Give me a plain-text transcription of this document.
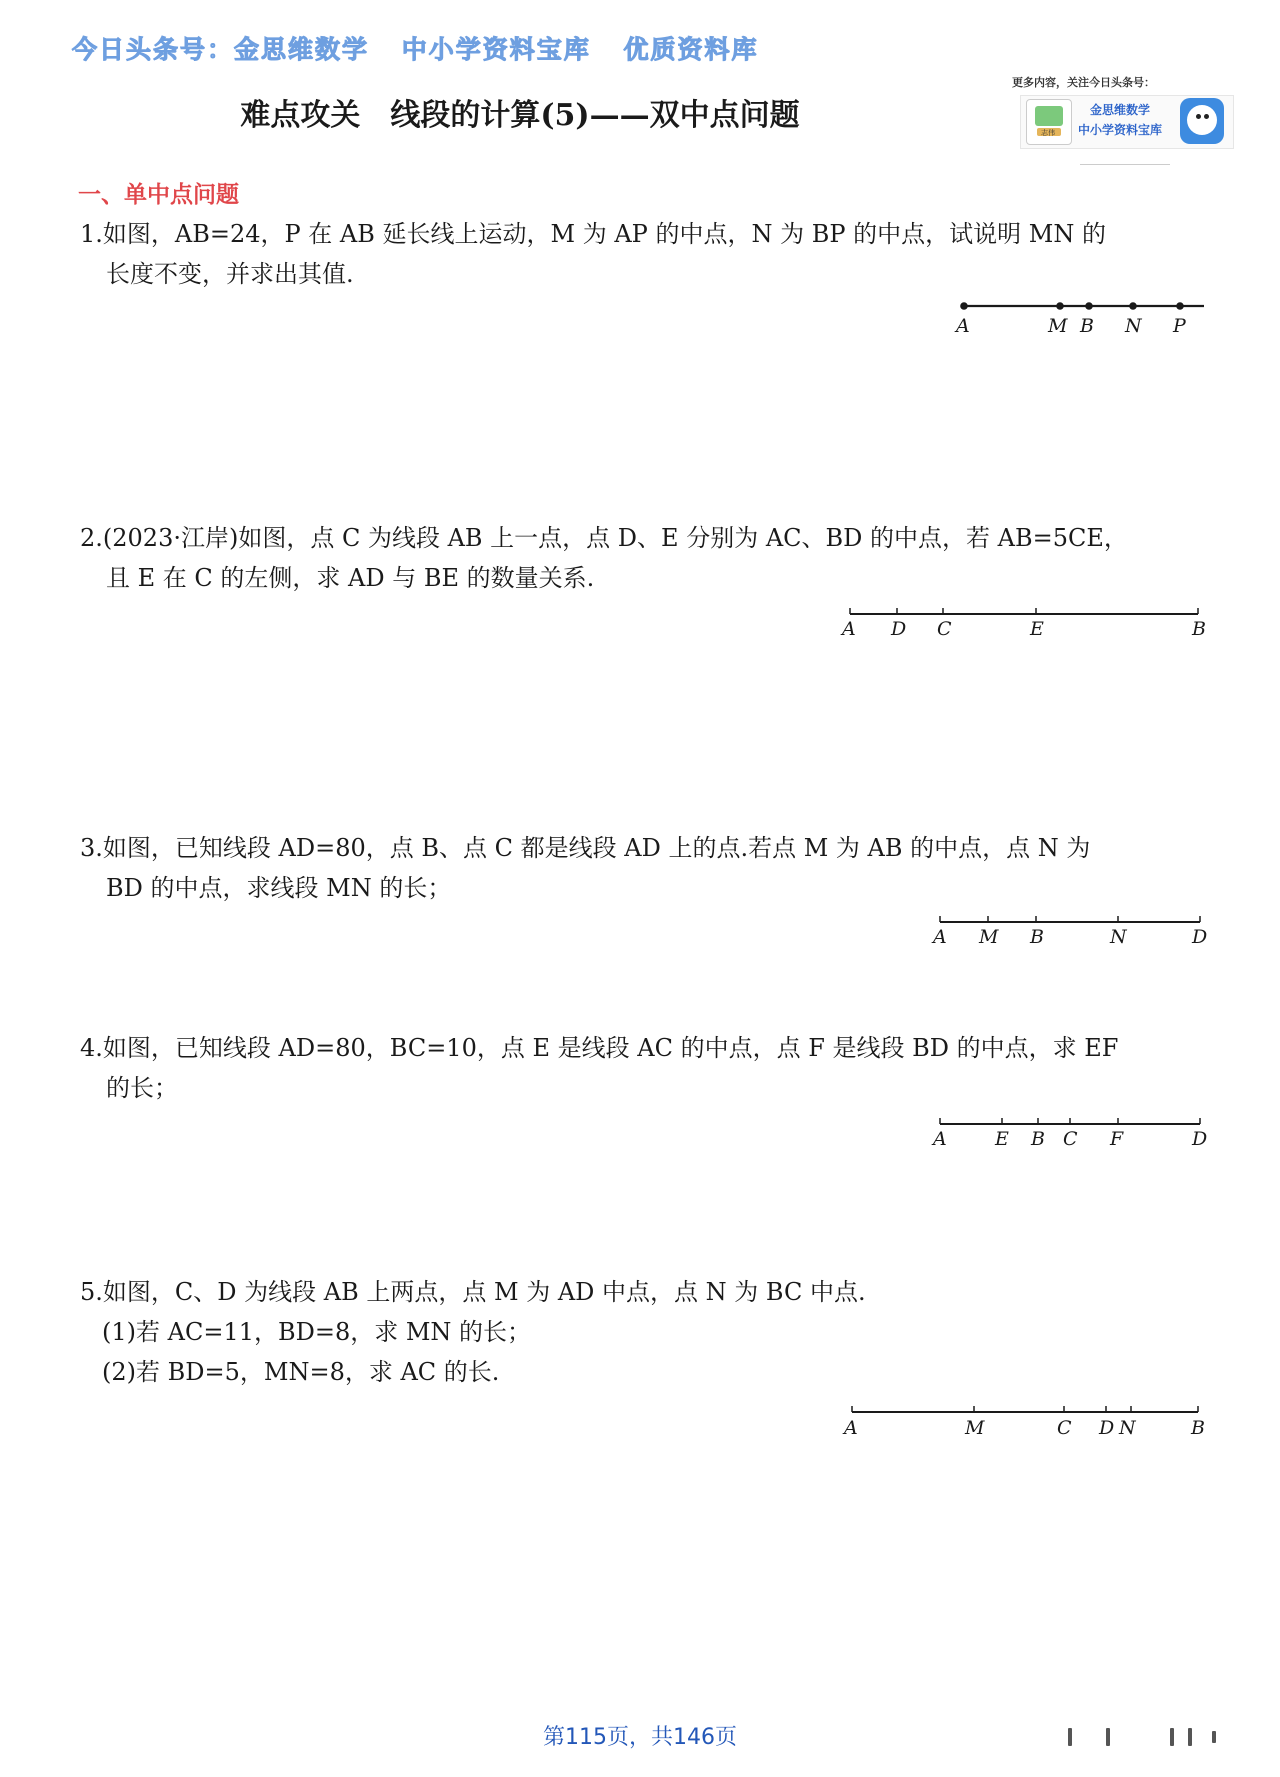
今日头条号：金思维数学 中小学资料宝库 优质资料库
难点攻关　线段的计算(5)——双中点问题
更多内容，关注今日头条号：
志伟
金思维数学
中小学资料宝库
一、单中点问题
1.如图，AB=24，P 在 AB 延长线上运动，M 为 AP 的中点，N 为 BP 的中点，试说明 MN 的
长度不变，并求出其值.
A	M B N P
2.(2023·江岸)如图，点 C 为线段 AB 上一点，点 D、E 分别为 AC、BD 的中点，若 AB=5CE，
且 E 在 C 的左侧，求 AD 与 BE 的数量关系.
A D C	E	B
3.如图，已知线段 AD=80，点 B、点 C 都是线段 AD 上的点.若点 M 为 AB 的中点，点 N 为
BD 的中点，求线段 MN 的长；
A M B	N	D
4.如图，已知线段 AD=80，BC=10，点 E 是线段 AC 的中点，点 F 是线段 BD 的中点，求 EF
的长；
A	E B C F	D
5.如图，C、D 为线段 AB 上两点，点 M 为 AD 中点，点 N 为 BC 中点.
(1)若 AC=11，BD=8，求 MN 的长；
(2)若 BD=5，MN=8，求 AC 的长.
A	M	C D N	B
第115页，共146页
